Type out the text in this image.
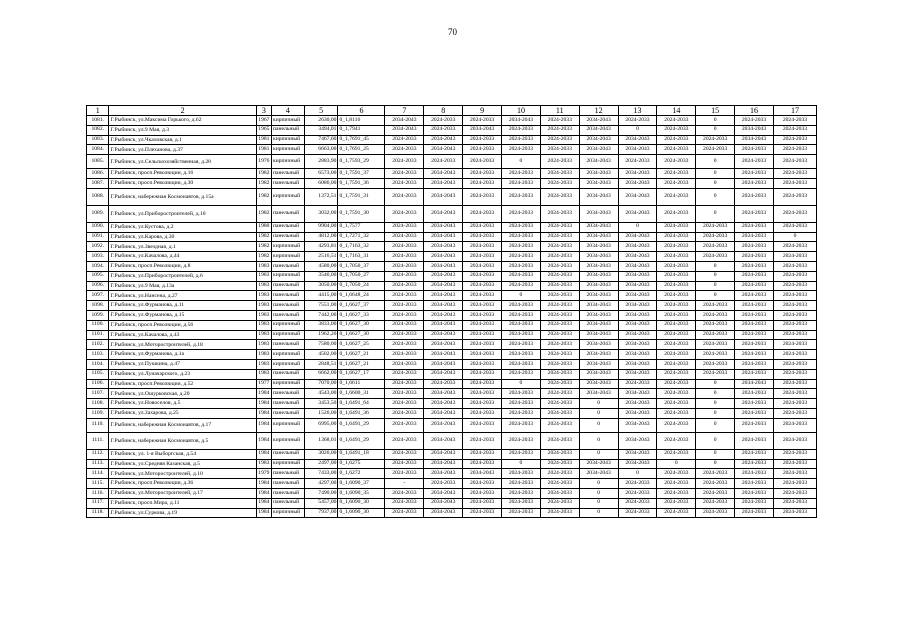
70
1	2	3	4	5	6	7	8	9	10	11	12	13	14	15	16	17
1081.	Г.Рыбинск, ул.Максима Горького, д.62	1967	кирпичный	2630,00	0_1,8116	2034-2043	2024-2033	2024-2033	2034-2043	2024-2033	2034-2043	2024-2033	2024-2033	0	2024-2033	2024-2033
1082.	Г.Рыбинск, ул.9 Мая, д.3	1965	панельный	3494,01	0_1,7941	2034-2043	2024-2033	2034-2043	2024-2033	2024-2033	2034-2043	0	2024-2033	0	2034-2043	2024-2033
1083.	Г.Рыбинск, ул.Чкаловская, д.1	1981	кирпичный	7467,60	0_1,7691_45	2024-2033	2034-2043	2024-2033	2024-2033	2024-2033	2034-2043	2034-2043	2024-2033	2024-2033	2034-2043	2024-2033
1084.	Г.Рыбинск, ул.Плеханова, д.37	1981	кирпичный	6663,00	0_1,7691_25	2024-2033	2034-2043	2024-2033	2024-2033	2024-2033	2034-2043	2034-2043	2024-2033	2024-2033	2024-2033	2024-2033
1085.	Г.Рыбинск, ул.Сельскохозяйственная, д.28	1976	кирпичный	2883,90	0_1,7593_29	2024-2033	2024-2033	2024-2033	0	2024-2033	2034-2043	2024-2033	2024-2033	0	2024-2033	2024-2033
1086.	Г.Рыбинск, просп.Революции, д.16	1982	панельный	6573,00	0_1,7591_37	2024-2033	2034-2043	2024-2033	2024-2033	2024-2033	2034-2043	2034-2043	2024-2033	0	2024-2033	2024-2033
1087.	Г.Рыбинск, просп.Революции, д.30	1982	панельный	6086,00	0_1,7591_36	2024-2033	2034-2043	2024-2033	2024-2033	2024-2033	2034-2043	2034-2043	2024-2033	0	2024-2033	2024-2033
1088.	Г.Рыбинск, набережная Космонавтов, д.15а	1982	кирпичный	1372,51	0_1,7591_31	2024-2033	2034-2043	2024-2033	2024-2033	2024-2033	2034-2043	2034-2043	2024-2033	0	2024-2033	2024-2033
1089.	Г.Рыбинск, ул.Приборостроителей, д.10	1982	панельный	3032,00	0_1,7591_30	2024-2033	2034-2043	2024-2033	2024-2033	2024-2033	2034-2043	2034-2043	2024-2033	0	2024-2033	2024-2033
1090.	Г.Рыбинск, ул.Кустова, д.2	1980	панельный	9904,00	0_1,7577	2024-2033	2034-2043	2024-2033	2024-2033	2024-2033	2034-2043	0	2024-2033	2024-2033	2024-2033	2024-2033
1091.	Г.Рыбинск, ул.Карова, д.30	1982	панельный	4812,00	0_1,7271_32	2024-2033	2034-2043	2024-2033	2024-2033	2024-2033	2034-2043	2034-2043	2024-2033	2024-2033	2024-2033	0
1092.	Г.Рыбинск, ул.Звездная, д.1	1982	кирпичный	4293,81	0_1,7163_32	2024-2033	2034-2043	2024-2033	2024-2033	2024-2033	2034-2043	2034-2043	2024-2033	2024-2033	2024-2033	2024-2033
1093.	Г.Рыбинск, ул.Качалова, д.44	1982	кирпичный	2516,51	0_1,7163_31	2024-2033	2034-2043	2024-2033	2024-2033	2024-2033	2034-2043	2034-2043	2024-2033	2024-2033	2024-2033	2024-2033
1094.	Г.Рыбинск, просп.Революции, д.8	1983	панельный	4580,00	0_1,7050_37	2024-2033	2034-2043	2024-2033	2024-2033	2024-2033	2034-2043	2034-2043	2024-2033	0	2024-2033	2024-2033
1095.	Г.Рыбинск, ул.Приборостроителей, д.6	1983	кирпичный	3546,00	0_1,7050_27	2024-2033	2034-2043	2024-2033	2024-2033	2024-2033	2034-2043	2034-2043	2024-2033	0	2024-2033	2024-2033
1096.	Г.Рыбинск, ул.9 Мая, д.13а	1983	панельный	3050,00	0_1,7050_24	2024-2033	2034-2043	2024-2033	2024-2033	2024-2033	2034-2043	2034-2043	2024-2033	0	2024-2033	2024-2033
1097.	Г.Рыбинск, ул.Нансена, д.27	1983	панельный	4415,00	0_1,6648_24	2024-2033	2034-2043	2024-2033	0	2024-2033	2034-2043	2034-2043	2024-2033	0	2024-2033	2024-2033
1098.	Г.Рыбинск, ул.Фурманова, д.11	1983	панельный	7551,00	0_1,6627_37	2024-2033	2034-2043	2024-2033	2024-2033	2024-2033	2034-2043	2034-2043	2024-2033	2024-2033	2024-2033	2024-2033
1099.	Г.Рыбинск, ул.Фурманова, д.15	1983	панельный	7442,00	0_1,6627_33	2024-2033	2034-2043	2024-2033	2024-2033	2024-2033	2034-2043	2034-2043	2024-2033	2024-2033	2024-2033	2024-2033
1100.	Г.Рыбинск, просп.Революции, д.56	1983	кирпичный	3833,00	0_1,6627_30	2024-2033	2034-2043	2024-2033	2024-2033	2024-2033	2034-2043	2034-2043	2024-2033	2024-2033	2024-2033	2024-2033
1101.	Г.Рыбинск, ул.Качалова, д.43	1983	кирпичный	1962,20	0_1,6627_30	2024-2033	2034-2043	2024-2033	2024-2033	2024-2033	2034-2043	2034-2043	2024-2033	2024-2033	2024-2033	2024-2033
1102.	Г.Рыбинск, ул.Моторостроителей, д.18	1983	панельный	7580,00	0_1,6627_25	2024-2033	2034-2043	2024-2033	2024-2033	2024-2033	2034-2043	2034-2043	2024-2033	2024-2033	2024-2033	2024-2033
1103.	Г.Рыбинск, ул.Фурманова, д.1а	1983	кирпичный	4502,00	0_1,6627_21	2024-2033	2034-2043	2024-2033	2024-2033	2024-2033	2034-2043	2034-2043	2024-2033	2024-2033	2024-2033	2024-2033
1104.	Г.Рыбинск, ул.Пушкина, д.47	1983	кирпичный	2848,51	0_1,6627_21	2024-2033	2034-2043	2024-2033	2024-2033	2024-2033	2034-2043	2034-2043	2024-2033	2024-2033	2024-2033	2024-2033
1105.	Г.Рыбинск, ул.Луначарского, д.23	1983	панельный	6662,00	0_1,6627_17	2024-2033	2034-2043	2024-2033	2024-2033	2024-2033	2034-2043	2034-2043	2024-2033	2024-2033	2024-2033	2024-2033
1106.	Г.Рыбинск, просп.Революции, д.52	1977	кирпичный	7070,00	0_1,6611	2024-2033	2024-2033	2024-2033	0	2024-2033	2034-2043	2024-2033	2024-2033	0	2034-2043	2024-2033
1107.	Г.Рыбинск, ул.Ошурковская, д.20	1984	панельный	4543,00	0_1,6600_31	2024-2033	2034-2043	2024-2033	2024-2033	2024-2033	2034-2043	2034-2043	2024-2033	0	2024-2033	2024-2033
1108.	Г.Рыбинск, ул.Новоселов, д.5	1984	панельный	3453,50	0_1,6491_64	2024-2033	2034-2043	2024-2033	2024-2033	2024-2033	0	2034-2043	2024-2033	0	2024-2033	2024-2033
1109.	Г.Рыбинск, ул.Захарова, д.25	1984	панельный	1526,00	0_1,6491_36	2024-2033	2034-2043	2024-2033	2024-2033	2024-2033	0	2034-2043	2024-2033	0	2024-2033	2024-2033
1110.	Г.Рыбинск, набережная Космонавтов, д.17	1984	кирпичный	6995,00	0_1,6491_29	2024-2033	2034-2043	2024-2033	2024-2033	2024-2033	0	2034-2043	2024-2033	0	2024-2033	2024-2033
1111.	Г.Рыбинск, набережная Космонавтов, д.5	1984	кирпичный	1368,01	0_1,6491_29	2024-2033	2034-2043	2024-2033	2024-2033	2024-2033	0	2034-2043	2024-2033	0	2024-2033	2024-2033
1112.	Г.Рыбинск, ул. 1-я Выборгская, д.54	1984	панельный	3026,00	0_1,6491_18	2024-2033	2034-2043	2024-2033	2024-2033	2024-2033	0	2034-2043	2024-2033	0	2024-2033	2024-2033
1113.	Г.Рыбинск, ул.Средняя Казанская, д.5	1983	кирпичный	2497,00	0_1,6275	2024-2033	2034-2043	2024-2033	0	2024-2033	2034-2043	2034-2043	0	0	2024-2033	2024-2033
1114.	Г.Рыбинск, ул.Моторостроителей, д.10	1979	панельный	7433,00	0_1,6272	2024-2033	2034-2043	2034-2043	2024-2033	2024-2033	2034-2043	0	2024-2033	2024-2033	2024-2033	2024-2033
1115.	Г.Рыбинск, просп.Революции, д.36	1984	панельный	4297,00	0_1,6090_37	-	2024-2033	2024-2033	2024-2033	2024-2033	0	2024-2033	2024-2033	2024-2033	2024-2033	2024-2033
1116.	Г.Рыбинск, ул.Моторостроителей, д.17	1984	панельный	7490,00	0_1,6090_35	2024-2033	2034-2043	2024-2033	2024-2033	2024-2033	0	2024-2033	2024-2033	2024-2033	2024-2033	2024-2033
1117.	Г.Рыбинск, просп.Мира, д.11	1984	панельный	5457,00	0_1,6090_30	2024-2033	2034-2043	2024-2033	2024-2033	2024-2033	0	2024-2033	2024-2033	2024-2033	2024-2033	2024-2033
1118.	Г.Рыбинск, ул.Суркова, д.19	1984	кирпичный	7937,00	0_1,6090_30	2024-2033	2034-2043	2024-2033	2024-2033	2024-2033	0	2024-2033	2024-2033	2024-2033	2024-2033	2024-2033
